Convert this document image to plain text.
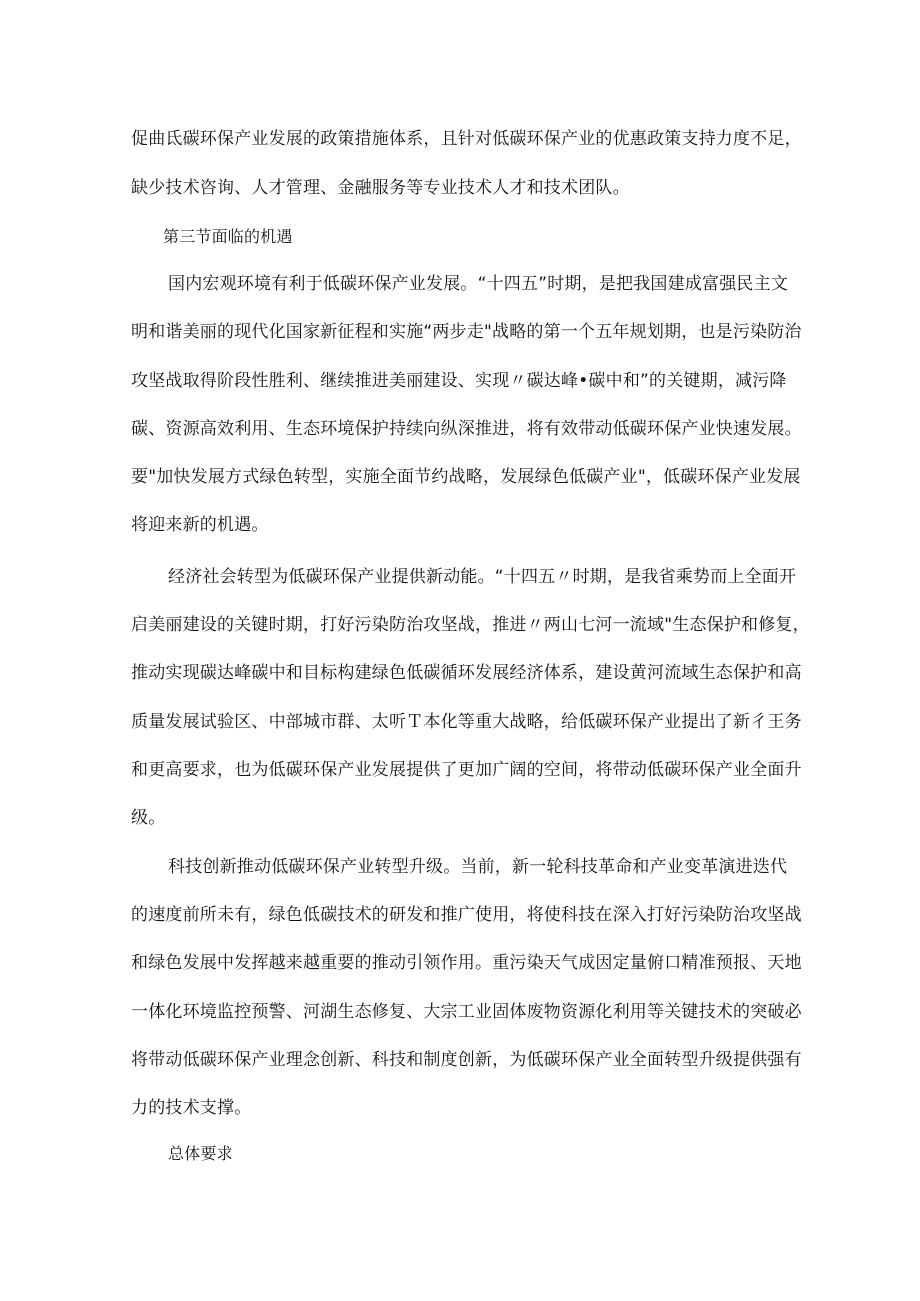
促曲氐碳环保产业发展的政策措施体系，且针对低碳环保产业的优惠政策支持力度不足，
缺少技术咨询、人才管理、金融服务等专业技术人才和技术团队。
第三节面临的机遇
国内宏观环境有利于低碳环保产业发展。“十四五”时期，是把我国建成富强民主文
明和谐美丽的现代化国家新征程和实施“两步走"战略的第一个五年规划期，也是污染防治
攻坚战取得阶段性胜利、继续推进美丽建设、实现〃碳达峰•碳中和”的关键期，减污降
碳、资源高效利用、生态环境保护持续向纵深推进，将有效带动低碳环保产业快速发展。
要"加快发展方式绿色转型，实施全面节约战略，发展绿色低碳产业"，低碳环保产业发展
将迎来新的机遇。
经济社会转型为低碳环保产业提供新动能。“十四五〃时期，是我省乘势而上全面开
启美丽建设的关键时期，打好污染防治攻坚战，推进〃两山七河一流域"生态保护和修复，
推动实现碳达峰碳中和目标构建绿色低碳循环发展经济体系，建设黄河流域生态保护和高
质量发展试验区、中部城市群、太听Ｔ本化等重大战略，给低碳环保产业提出了新彳王务
和更高要求，也为低碳环保产业发展提供了更加广阔的空间，将带动低碳环保产业全面升
级。
科技创新推动低碳环保产业转型升级。当前，新一轮科技革命和产业变革演进迭代
的速度前所未有，绿色低碳技术的研发和推广使用，将使科技在深入打好污染防治攻坚战
和绿色发展中发挥越来越重要的推动引领作用。重污染天气成因定量俯口精准预报、天地
一体化环境监控预警、河湖生态修复、大宗工业固体废物资源化利用等关键技术的突破必
将带动低碳环保产业理念创新、科技和制度创新，为低碳环保产业全面转型升级提供强有
力的技术支撑。
总体要求
